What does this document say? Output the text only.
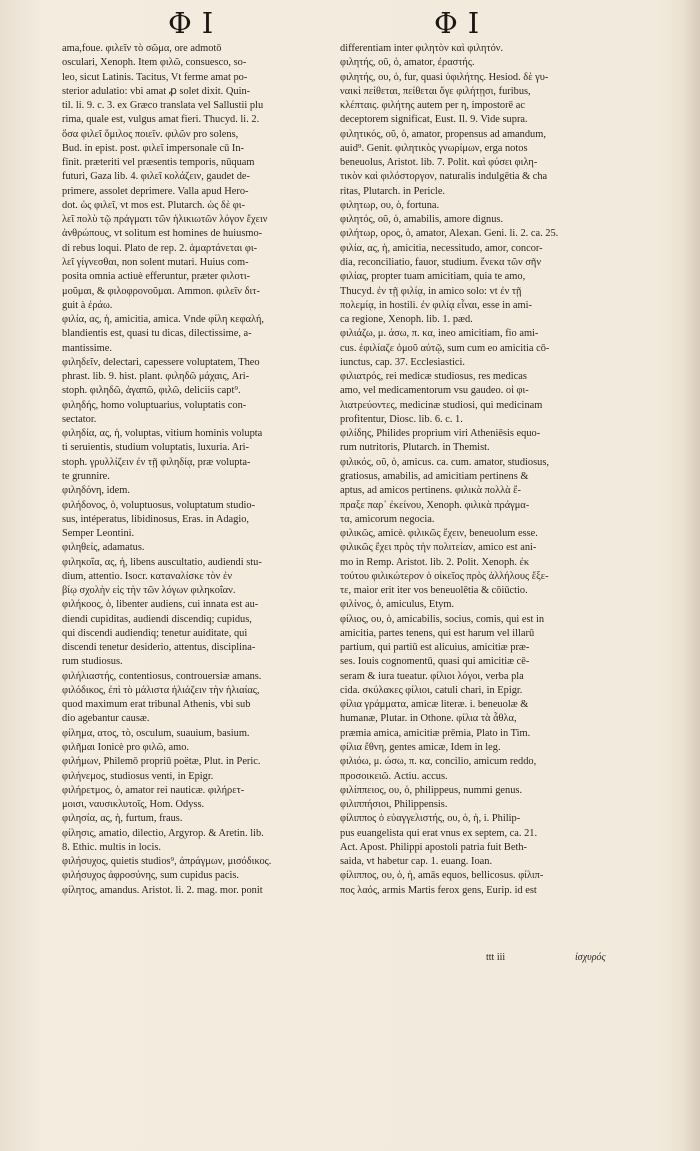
ΦΙ	ΦΙ
ama,foue. φιλεῖν τὸ σῶμα, ore admotō
osculari, Xenoph. Item φιλῶ, consuesco, so-
leo, sicut Latinis. Tacitus, Vt ferme amat po-
sterior adulatio: vbi amat ꝓ solet dixit. Quin-
til. li. 9. c. 3. ex Græco translata vel Sallustii plu
rima, quale est, vulgus amat fieri. Thucyd. li. 2.
ὅσα φιλεῖ ὅμιλος ποιεῖν. φιλῶν pro solens,
Bud. in epist. post. φιλεῖ impersonale cū In-
finit. præteriti vel præsentis temporis, nūquam
futuri, Gaza lib. 4. φιλεῖ κολάζειν, gaudet de-
primere, assolet deprimere. Valla apud Hero-
dot. ὡς φιλεῖ, vt mos est. Plutarch. ὡς δὲ φι-
λεῖ πολὺ τῷ πράγματι τῶν ἡλικιωτῶν λόγον ἔχειν
ἀνθρώπους, vt solitum est homines de huiusmo-
di rebus loqui. Plato de rep. 2. ἁμαρτάνεται φι-
λεῖ γίγνεσθαι, non solent mutari. Huius com-
posita omnia actiuè efferuntur, præter φιλοτι-
μοῦμαι, & φιλοφρονοῦμαι. Ammon. φιλεῖν διτ-
guit à ἐράω.
φιλία, ας, ἡ, amicitia, amica. Vnde φίλη κεφαλή,
blandientis est, quasi tu dicas, dilectissime, a-
mantissime.
φιληδεῖν, delectari, capessere voluptatem, Theo
phrast. lib. 9. hist. plant. φιληδῶ μάχαις, Ari-
stoph. φιληδῶ, ἀγαπῶ, φιλῶ, deliciis capt⁹.
φιληδής, homo voluptuarius, voluptatis con-
sectator.
φιληδία, ας, ἡ, voluptas, vitium hominis volupta
ti seruientis, studium voluptatis, luxuria. Ari-
stoph. γρυλλίζειν ἐν τῇ φιληδίᾳ, præ volupta-
te grunnire.
φιληδόνη, idem.
φιλήδονος, ὁ, voluptuosus, voluptatum studio-
sus, intéperatus, libidinosus, Eras. in Adagio,
Semper Leontini.
φιληθείς, adamatus.
φιληκοΐα, ας, ἡ, libens auscultatio, audiendi stu-
dium, attentio. Isocr. καταναλίσκε τὸν ἐν
βίῳ σχολὴν εἰς τὴν τῶν λόγων φιληκοΐαν.
φιλήκοος, ὁ, libenter audiens, cui innata est au-
diendi cupiditas, audiendi discendiq; cupidus,
qui discendi audiendiq; tenetur auiditate, qui
discendi tenetur desiderio, attentus, disciplina-
rum studiosus.
φιλήλιαστής, contentiosus, controuersiæ amans.
φιλόδικος, ἐπὶ τὸ μάλιστα ἡλιάζειν τὴν ἡλιαίας,
quod maximum erat tribunal Athenis, vbi sub
dio agebantur causæ.
φίλημα, ατος, τὸ, osculum, suauium, basium.
φιλῆμαι Ionicè pro φιλῶ, amo.
φιλήμων, Philemō propriū poëtæ, Plut. in Peric.
φιλήνεμος, studiosus venti, in Epigr.
φιλήρετμος, ὁ, amator rei nauticæ. φιλήρετ-
μοισι, ναυσικλυτοῖς, Hom. Odyss.
φιλησία, ας, ἡ, furtum, fraus.
φίλησις, amatio, dilectio, Argyrop. & Aretin. lib.
8. Ethic. multis in locis.
φιλήσυχος, quietis studios⁹, ἀπράγμων, μισόδικος.
φιλήσυχος ἀφροσύνης, sum cupidus pacis.
φίλητος, amandus. Aristot. li. 2. mag. mor. ponit
differentiam inter φιλητὸν καὶ φιλητόν.
φιλητής, οῦ, ὁ, amator, ἐραστής.
φιλητής, ου, ὁ, fur, quasi ὑφιλήτης. Hesiod. δὲ γυ-
ναικὶ πείθεται, πείθεται ὅγε φιλήτῃσι, furibus,
κλέπταις. φιλήτης autem per η, impostorē ac
deceptorem significat, Eust. Il. 9. Vide supra.
φιλητικός, οῦ, ὁ, amator, propensus ad amandum,
auid⁹. Genit. φιλητικὸς γνωρίμων, erga notos
beneuolus, Aristot. lib. 7. Polit. καὶ φύσει φιλη-
τικὸν καὶ φιλόστοργον, naturalis indulgētia & cha
ritas, Plutarch. in Pericle.
φιλητωρ, ου, ὁ, fortuna.
φιλητός, οῦ, ὁ, amabilis, amore dignus.
φιλήτωρ, ορος, ὁ, amator, Alexan. Geni. li. 2. ca. 25.
φιλία, ας, ἡ, amicitia, necessitudo, amor, concor-
dia, reconciliatio, fauor, studium. ἕνεκα τῶν σῆν
φιλίας, propter tuam amicitiam, quia te amo,
Thucyd. ἐν τῇ φιλίᾳ, in amico solo: vt ἐν τῇ
πολεμίᾳ, in hostili. ἐν φιλίᾳ εἶναι, esse in ami-
ca regione, Xenoph. lib. 1. pæd.
φιλιάζω, μ. άσω, π. κα, ineo amicitiam, fio ami-
cus. ἐφιλίαζε ὁμοῦ αὐτῷ, sum cum eo amicitia cō-
iunctus, cap. 37. Ecclesiastici.
φιλιατρός, rei medicæ studiosus, res medicas
amo, vel medicamentorum vsu gaudeo. οἱ φι-
λιατρεύοντες, medicinæ studiosi, qui medicinam
profitentur, Diosc. lib. 6. c. 1.
φιλίδης, Philides proprium viri Atheniēsis equo-
rum nutritoris, Plutarch. in Themist.
φιλικός, οῦ, ὁ, amicus. ca. cum. amator, studiosus,
gratiosus, amabilis, ad amicitiam pertinens &
aptus, ad amicos pertinens. φιλικὰ πολλὰ ἔ-
πραξε παρ᾽ ἐκείνου, Xenoph. φιλικὰ πράγμα-
τα, amicorum negocia.
φιλικῶς, amicè. φιλικῶς ἔχειν, beneuolum esse.
φιλικῶς ἔχει πρὸς τὴν πολιτείαν, amico est ani-
mo in Remp. Aristot. lib. 2. Polit. Xenoph. ἐκ
τούτου φιλικώτερον ὁ οἰκεῖος πρὸς ἀλλήλους ἕξε-
τε, maior erit iter vos beneuolētia & cōiūctio.
φιλίνος, ὁ, amiculus, Etym.
φίλιος, ου, ὁ, amicabilis, socius, comis, qui est in
amicitia, partes tenens, qui est harum vel illarū
partium, qui partiū est alicuius, amicitiæ præ-
ses. Iouis cognomentū, quasi qui amicitiæ cē-
seram & iura tueatur. φίλιοι λόγοι, verba pla
cida. σκύλακες φίλιοι, catuli chari, in Epigr.
φίλια γράμματα, amicæ literæ. i. beneuolæ &
humanæ, Plutar. in Othone. φίλια τὰ ἆθλα,
præmia amica, amicitiæ prēmia, Plato in Tim.
φίλια ἔθνη, gentes amicæ, Idem in leg.
φιλιόω, μ. ώσω, π. κα, concilio, amicum reddo,
προσοικειῶ. Actiu. accus.
φιλίππειος, ου, ὁ, philippeus, nummi genus.
φιλιππήσιοι, Philippensis.
φίλιππος ὁ εὐαγγελιστής, ου, ὁ, ἡ, i. Philip-
pus euangelista qui erat vnus ex septem, ca. 21.
Act. Apost. Philippi apostoli patria fuit Beth-
saida, vt habetur cap. 1. euang. Ioan.
φίλιππος, ου, ὁ, ἡ, amās equos, bellicosus. φίλιπ-
πος λαός, armis Martis ferox gens, Eurip. id est
ttt iii	ἰσχυρός
